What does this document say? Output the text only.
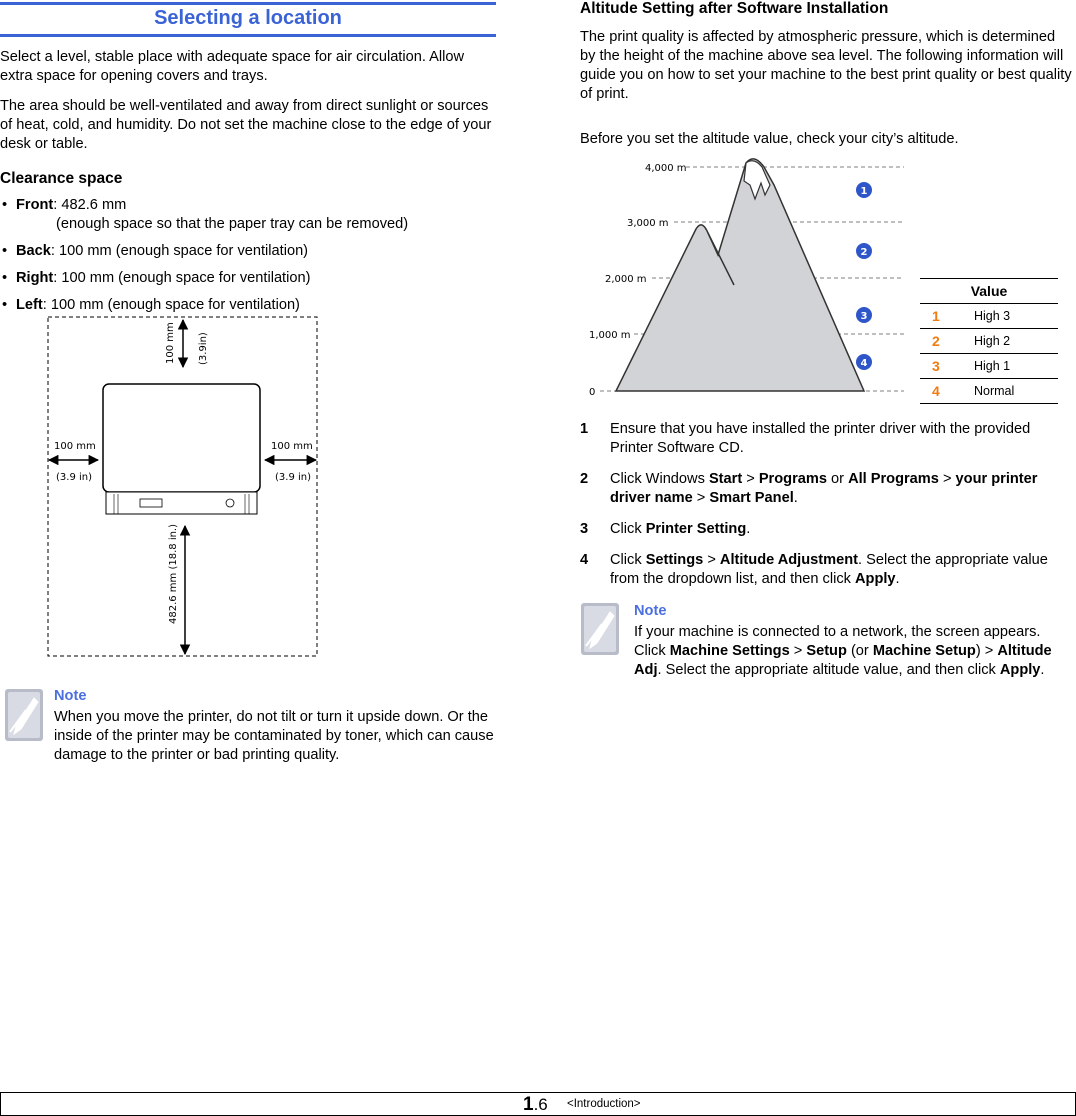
Selecting a location

Select a level, stable place with adequate space for air circulation. Allow extra space for opening covers and trays.

The area should be well-ventilated and away from direct sunlight or sources of heat, cold, and humidity. Do not set the machine close to the edge of your desk or table.

Clearance space
• Front: 482.6 mm
(enough space so that the paper tray can be removed)
• Back: 100 mm (enough space for ventilation)
• Right: 100 mm (enough space for ventilation)
• Left: 100 mm (enough space for ventilation)
100 mm (3.9in)
100 mm
(3.9 in)
100 mm
(3.9 in)
482.6 mm (18.8 in.)
Note

When you move the printer, do not tilt or turn it upside down. Or the inside of the printer may be contaminated by toner, which can cause damage to the printer or bad printing quality.

Altitude Setting after Software Installation

The print quality is affected by atmospheric pressure, which is determined by the height of the machine above sea level. The following information will guide you on how to set your machine to the best print quality or best quality of print.

Before you set the altitude value, check your city’s altitude.

4,000 m
3,000 m
2,000 m
1,000 m
0
1
2
3
4
Value	
1	High 3
2	High 2
3	High 1
4	Normal
1 Ensure that you have installed the printer driver with the provided Printer Software CD.
2 Click Windows Start > Programs or All Programs > your printer driver name > Smart Panel.
3 Click Printer Setting.
4 Click Settings > Altitude Adjustment. Select the appropriate value from the dropdown list, and then click Apply.
Note

If your machine is connected to a network, the screen appears. Click Machine Settings > Setup (or Machine Setup) > Altitude Adj. Select the appropriate altitude value, and then click Apply.

1.6 <Introduction>
